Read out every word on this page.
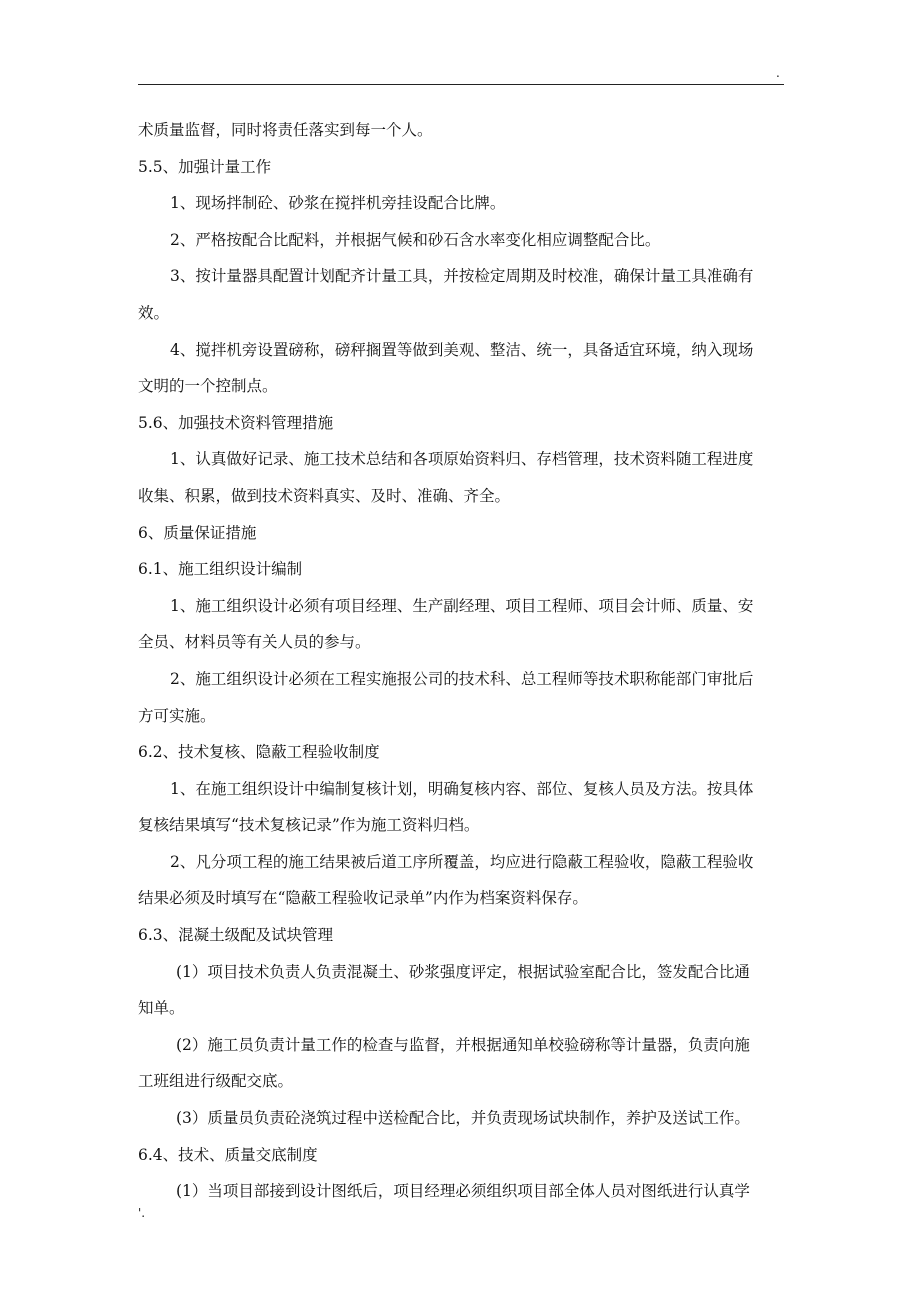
.
术质量监督，同时将责任落实到每一个人。
5.5、加强计量工作
1、现场拌制砼、砂浆在搅拌机旁挂设配合比牌。
2、严格按配合比配料，并根据气候和砂石含水率变化相应调整配合比。
3、按计量器具配置计划配齐计量工具，并按检定周期及时校准，确保计量工具准确有
效。
4、搅拌机旁设置磅称，磅秤搁置等做到美观、整洁、统一，具备适宜环境，纳入现场
文明的一个控制点。
5.6、加强技术资料管理措施
1、认真做好记录、施工技术总结和各项原始资料归、存档管理，技术资料随工程进度
收集、积累，做到技术资料真实、及时、准确、齐全。
6、质量保证措施
6.1、施工组织设计编制
1、施工组织设计必须有项目经理、生产副经理、项目工程师、项目会计师、质量、安
全员、材料员等有关人员的参与。
2、施工组织设计必须在工程实施报公司的技术科、总工程师等技术职称能部门审批后
方可实施。
6.2、技术复核、隐蔽工程验收制度
1、在施工组织设计中编制复核计划，明确复核内容、部位、复核人员及方法。按具体
复核结果填写“技术复核记录”作为施工资料归档。
2、凡分项工程的施工结果被后道工序所覆盖，均应进行隐蔽工程验收，隐蔽工程验收
结果必须及时填写在“隐蔽工程验收记录单”内作为档案资料保存。
6.3、混凝土级配及试块管理
(1）项目技术负责人负责混凝土、砂浆强度评定，根据试验室配合比，签发配合比通
知单。
(2）施工员负责计量工作的检查与监督，并根据通知单校验磅称等计量器，负责向施
工班组进行级配交底。
(3）质量员负责砼浇筑过程中送检配合比，并负责现场试块制作，养护及送试工作。
6.4、技术、质量交底制度
(1）当项目部接到设计图纸后，项目经理必须组织项目部全体人员对图纸进行认真学
'.
